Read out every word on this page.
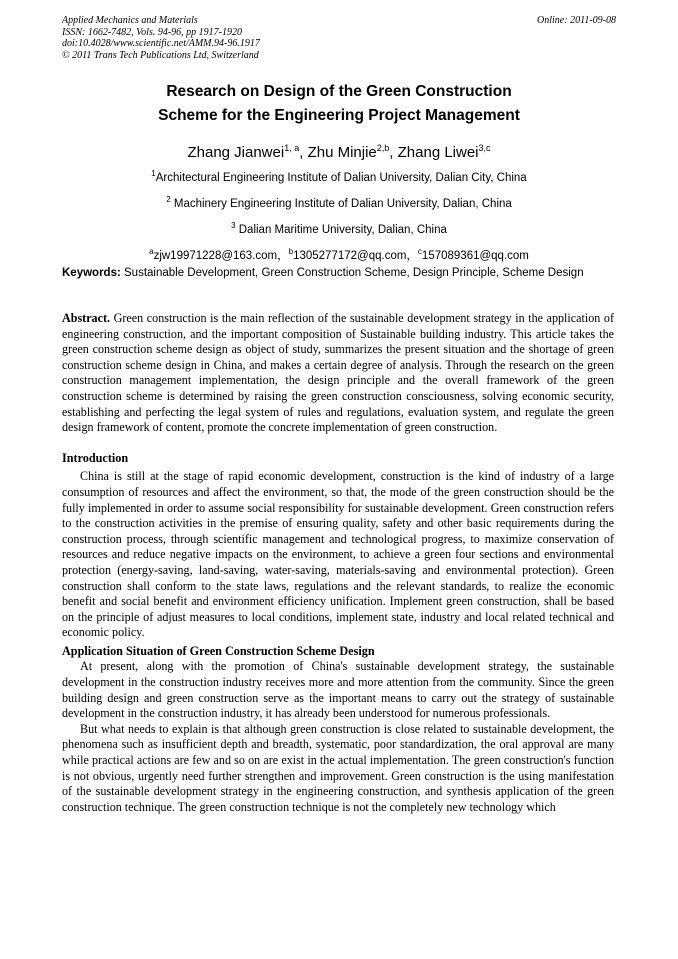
Applied Mechanics and Materials
ISSN: 1662-7482, Vols. 94-96, pp 1917-1920
doi:10.4028/www.scientific.net/AMM.94-96.1917
© 2011 Trans Tech Publications Ltd, Switzerland
Online: 2011-09-08
Research on Design of the Green Construction
Scheme for the Engineering Project Management
Zhang Jianwei$^{1, a}$, Zhu Minjie$^{2,b}$, Zhang Liwei$^{3,c}$
$^1$Architectural Engineering Institute of Dalian University, Dalian City, China
$^2$ Machinery Engineering Institute of Dalian University, Dalian, China
$^3$ Dalian Maritime University, Dalian, China
$^a$zjw19971228@163.com，$^b$1305277172@qq.com，$^c$157089361@qq.com
Keywords: Sustainable Development, Green Construction Scheme, Design Principle, Scheme Design

Abstract. Green construction is the main reflection of the sustainable development strategy in the application of engineering construction, and the important composition of Sustainable building industry. This article takes the green construction scheme design as object of study, summarizes the present situation and the shortage of green construction scheme design in China, and makes a certain degree of analysis. Through the research on the green construction management implementation, the design principle and the overall framework of the green construction scheme is determined by raising the green construction consciousness, solving economic security, establishing and perfecting the legal system of rules and regulations, evaluation system, and regulate the green design framework of content, promote the concrete implementation of green construction.

Introduction

China is still at the stage of rapid economic development, construction is the kind of industry of a large consumption of resources and affect the environment, so that, the mode of the green construction should be the fully implemented in order to assume social responsibility for sustainable development. Green construction refers to the construction activities in the premise of ensuring quality, safety and other basic requirements during the construction process, through scientific management and technological progress, to maximize conservation of resources and reduce negative impacts on the environment, to achieve a green four sections and environmental protection (energy-saving, land-saving, water-saving, materials-saving and environmental protection). Green construction shall conform to the state laws, regulations and the relevant standards, to realize the economic benefit and social benefit and environment efficiency unification. Implement green construction, shall be based on the principle of adjust measures to local conditions, implement state, industry and local related technical and economic policy.

Application Situation of Green Construction Scheme Design

At present, along with the promotion of China's sustainable development strategy, the sustainable development in the construction industry receives more and more attention from the community. Since the green building design and green construction serve as the important means to carry out the strategy of sustainable development in the construction industry, it has already been understood for numerous professionals.

But what needs to explain is that although green construction is close related to sustainable development, the phenomena such as insufficient depth and breadth, systematic, poor standardization, the oral approval are many while practical actions are few and so on are exist in the actual implementation. The green construction's function is not obvious, urgently need further strengthen and improvement. Green construction is the using manifestation of the sustainable development strategy in the engineering construction, and synthesis application of the green construction technique. The green construction technique is not the completely new technology which
